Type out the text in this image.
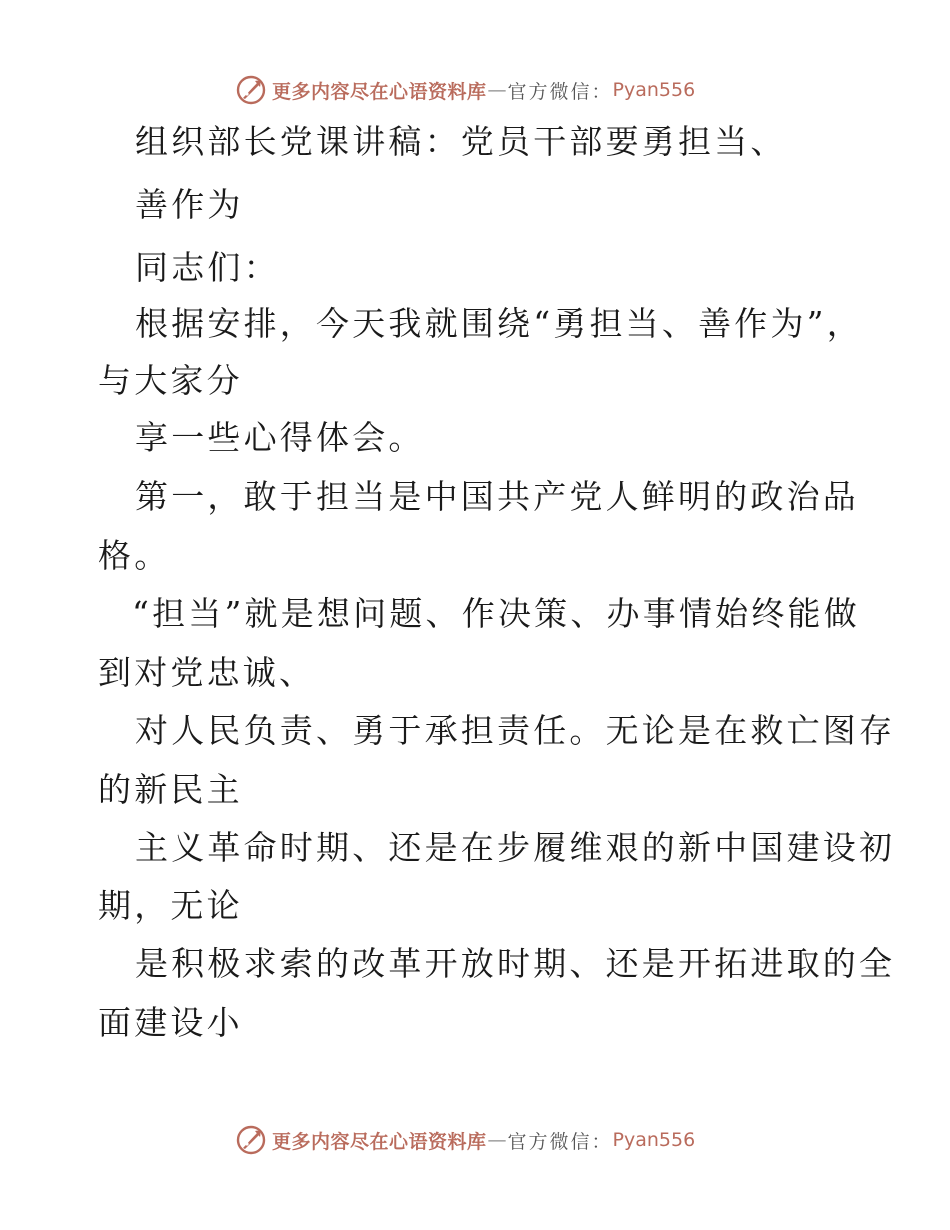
更多内容尽在心语资料库 — 官方微信： Pyan556
组织部长党课讲稿：党员干部要勇担当、
善作为
同志们：
根据安排，今天我就围绕“勇担当、善作为”，
与大家分
享一些心得体会。
第一，敢于担当是中国共产党人鲜明的政治品
格。
“担当”就是想问题、作决策、办事情始终能做
到对党忠诚、
对人民负责、勇于承担责任。无论是在救亡图存
的新民主
主义革命时期、还是在步履维艰的新中国建设初
期，无论
是积极求索的改革开放时期、还是开拓进取的全
面建设小
更多内容尽在心语资料库 — 官方微信： Pyan556
